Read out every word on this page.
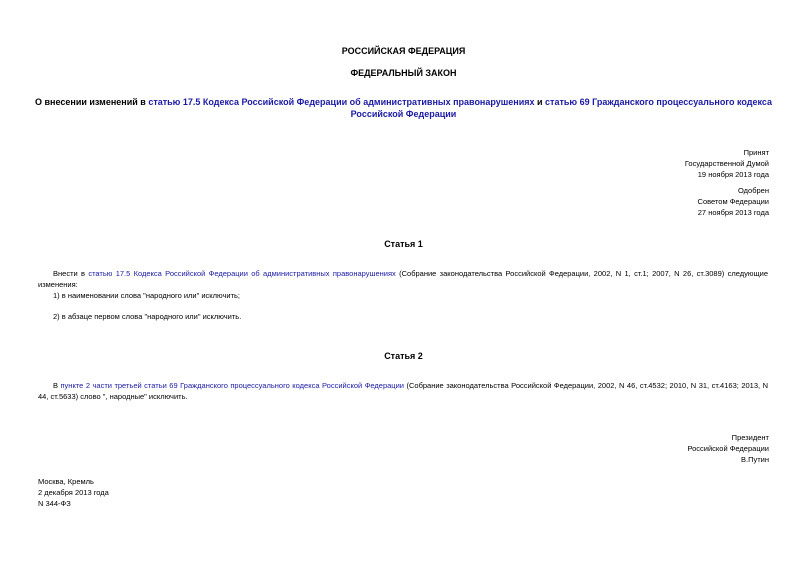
РОССИЙСКАЯ ФЕДЕРАЦИЯ
ФЕДЕРАЛЬНЫЙ ЗАКОН
О внесении изменений в статью 17.5 Кодекса Российской Федерации об административных правонарушениях и статью 69 Гражданского процессуального кодекса Российской Федерации
Принят
Государственной Думой
19 ноября 2013 года
Одобрен
Советом Федерации
27 ноября 2013 года
Статья 1
Внести в статью 17.5 Кодекса Российской Федерации об административных правонарушениях (Собрание законодательства Российской Федерации, 2002, N 1, ст.1; 2007, N 26, ст.3089) следующие изменения:
1) в наименовании слова "народного или" исключить;
2) в абзаце первом слова "народного или" исключить.
Статья 2
В пункте 2 части третьей статьи 69 Гражданского процессуального кодекса Российской Федерации (Собрание законодательства Российской Федерации, 2002, N 46, ст.4532; 2010, N 31, ст.4163; 2013, N 44, ст.5633) слово ", народные" исключить.
Президент
Российской Федерации
В.Путин
Москва, Кремль
2 декабря 2013 года
N 344-ФЗ
